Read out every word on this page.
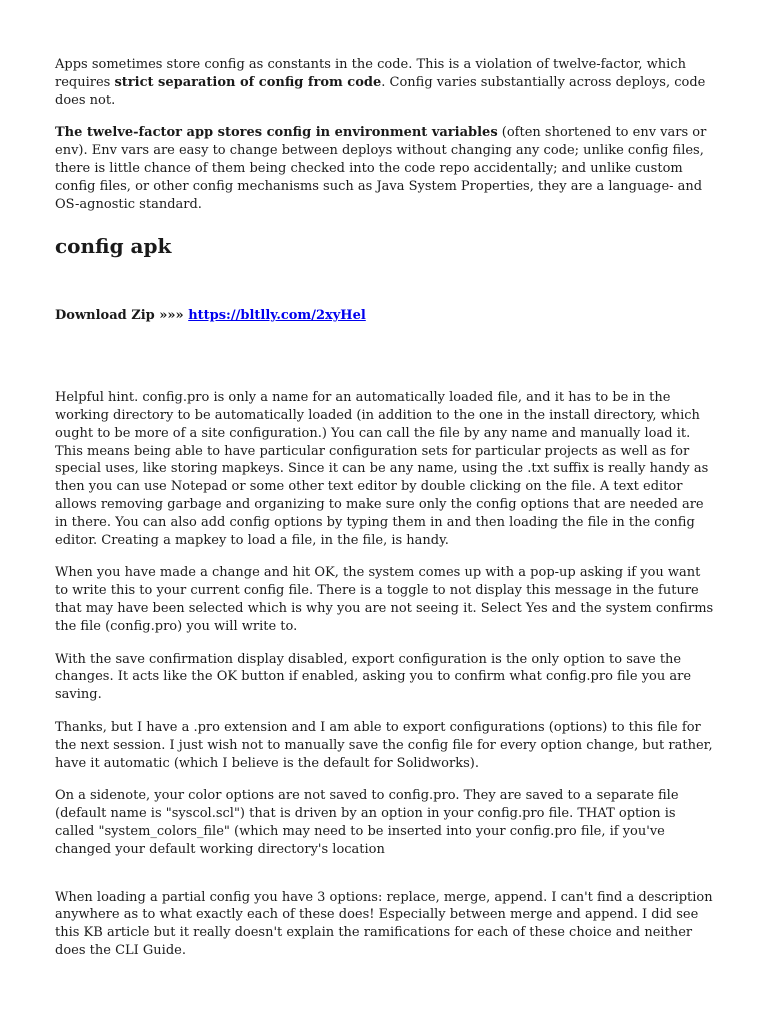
Apps sometimes store config as constants in the code. This is a violation of twelve-factor, which requires strict separation of config from code. Config varies substantially across deploys, code does not.

The twelve-factor app stores config in environment variables (often shortened to env vars or env). Env vars are easy to change between deploys without changing any code; unlike config files, there is little chance of them being checked into the code repo accidentally; and unlike custom config files, or other config mechanisms such as Java System Properties, they are a language- and OS-agnostic standard.

config apk

Download Zip »»» https://bltlly.com/2xyHel

Helpful hint. config.pro is only a name for an automatically loaded file, and it has to be in the working directory to be automatically loaded (in addition to the one in the install directory, which ought to be more of a site configuration.) You can call the file by any name and manually load it. This means being able to have particular configuration sets for particular projects as well as for special uses, like storing mapkeys. Since it can be any name, using the .txt suffix is really handy as then you can use Notepad or some other text editor by double clicking on the file. A text editor allows removing garbage and organizing to make sure only the config options that are needed are in there. You can also add config options by typing them in and then loading the file in the config editor. Creating a mapkey to load a file, in the file, is handy.

When you have made a change and hit OK, the system comes up with a pop-up asking if you want to write this to your current config file. There is a toggle to not display this message in the future that may have been selected which is why you are not seeing it. Select Yes and the system confirms the file (config.pro) you will write to.

With the save confirmation display disabled, export configuration is the only option to save the changes. It acts like the OK button if enabled, asking you to confirm what config.pro file you are saving.

Thanks, but I have a .pro extension and I am able to export configurations (options) to this file for the next session. I just wish not to manually save the config file for every option change, but rather, have it automatic (which I believe is the default for Solidworks).

On a sidenote, your color options are not saved to config.pro. They are saved to a separate file (default name is "syscol.scl") that is driven by an option in your config.pro file. THAT option is called "system_colors_file" (which may need to be inserted into your config.pro file, if you've changed your default working directory's location

When loading a partial config you have 3 options: replace, merge, append. I can't find a description anywhere as to what exactly each of these does! Especially between merge and append. I did see this KB article but it really doesn't explain the ramifications for each of these choice and neither does the CLI Guide.
